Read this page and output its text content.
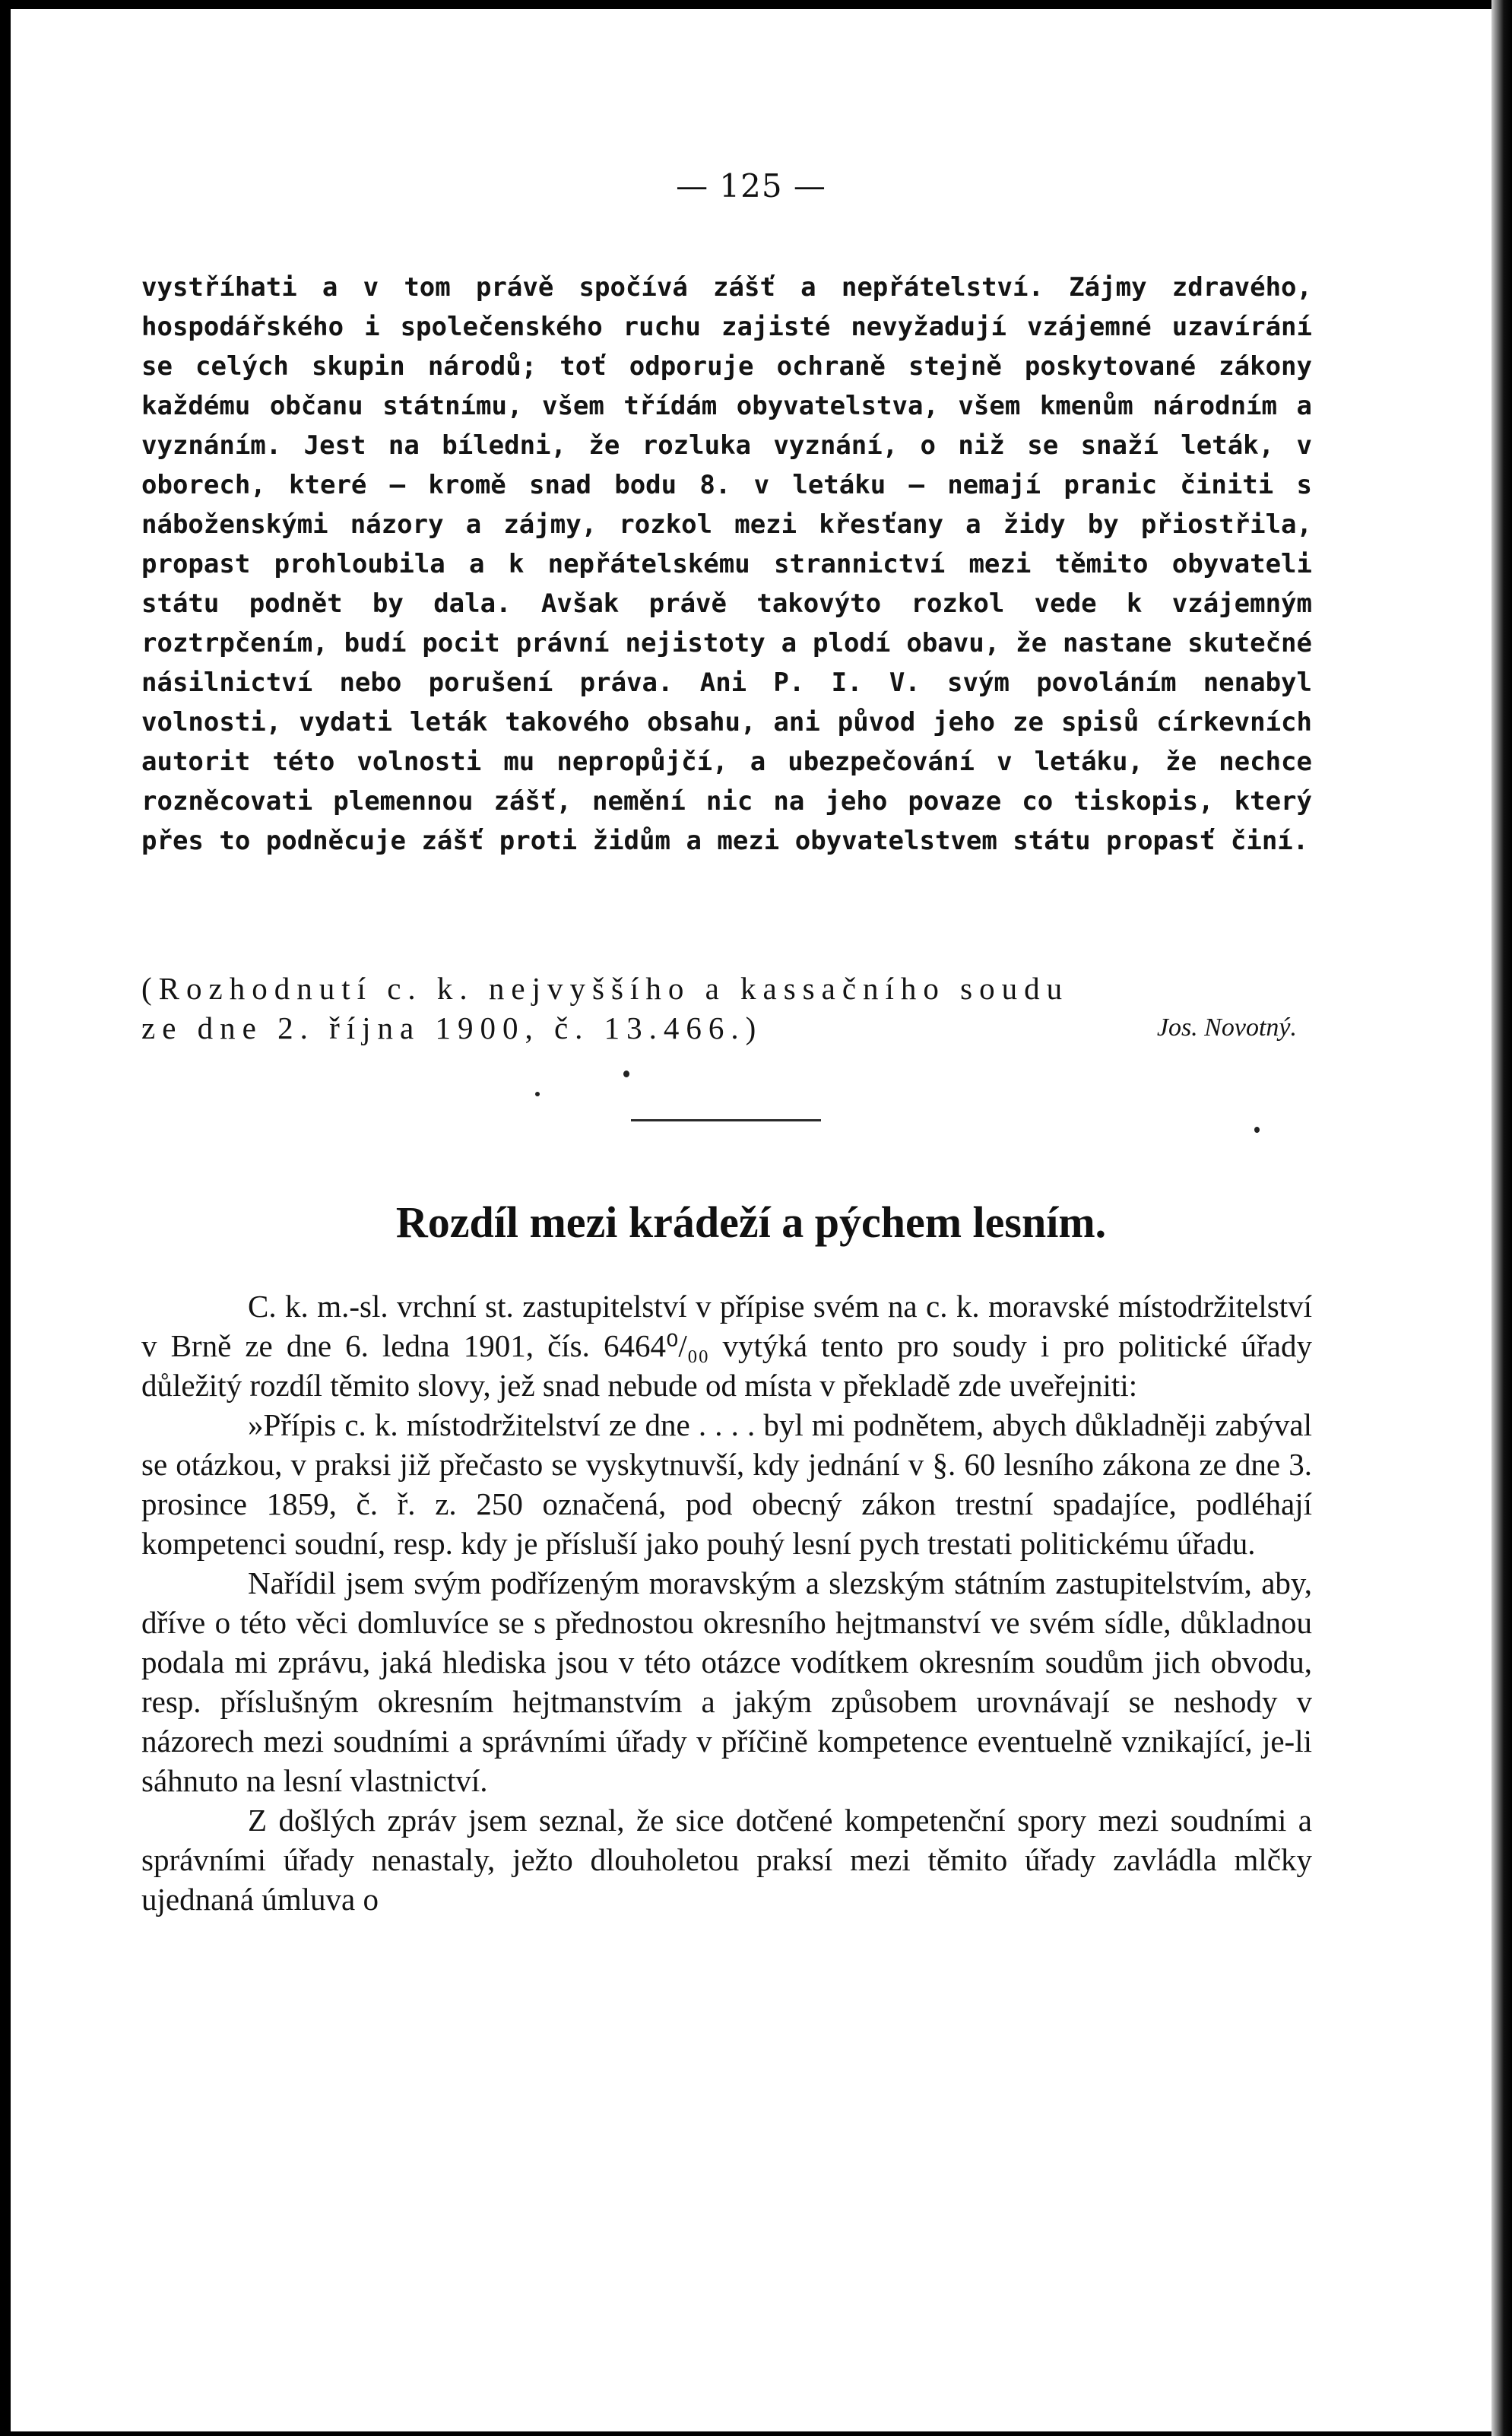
— 125 —

vystříhati a v tom právě spočívá zášť a nepřátelství. Zájmy zdravého, hospodářského i společenského ruchu zajisté nevyžadují vzájemné uzavírání se celých skupin národů; toť odporuje ochraně stejně poskytované zákony každému občanu státnímu, všem třídám obyvatelstva, všem kmenům národním a vyznáním. Jest na bíledni, že rozluka vyznání, o niž se snaží leták, v oborech, které — kromě snad bodu 8. v letáku — nemají pranic činiti s náboženskými názory a zájmy, rozkol mezi křesťany a židy by přiostřila, propast prohloubila a k nepřátelskému strannictví mezi těmito obyvateli státu podnět by dala. Avšak právě takovýto rozkol vede k vzájemným roztrpčením, budí pocit právní nejistoty a plodí obavu, že nastane skutečné násilnictví nebo porušení práva. Ani P. I. V. svým povoláním nenabyl volnosti, vydati leták takového obsahu, ani původ jeho ze spisů církevních autorit této volnosti mu nepropůjčí, a ubezpečování v letáku, že nechce rozněcovati plemennou zášť, nemění nic na jeho povaze co tiskopis, který přes to podněcuje zášť proti židům a mezi obyvatelstvem státu propasť činí.

(Rozhodnutí c. k. nejvyššího a kassačního soudu
ze dne 2. října 1900, č. 13.466.)	Jos. Novotný.
Rozdíl mezi krádeží a pýchem lesním.

C. k. m.-sl. vrchní st. zastupitelství v přípise svém na c. k. moravské místodržitelství v Brně ze dne 6. ledna 1901, čís. 6464⁰/₀₀ vytýká tento pro soudy i pro politické úřady důležitý rozdíl těmito slovy, jež snad nebude od místa v překladě zde uveřejniti:

»Přípis c. k. místodržitelství ze dne . . . . byl mi podnětem, abych důkladněji zabýval se otázkou, v praksi již přečasto se vyskytnuvší, kdy jednání v §. 60 lesního zákona ze dne 3. prosince 1859, č. ř. z. 250 označená, pod obecný zákon trestní spadajíce, podléhají kompetenci soudní, resp. kdy je přísluší jako pouhý lesní pych trestati politickému úřadu.

Nařídil jsem svým podřízeným moravským a slezským státním zastupitelstvím, aby, dříve o této věci domluvíce se s přednostou okresního hejtmanství ve svém sídle, důkladnou podala mi zprávu, jaká hlediska jsou v této otázce vodítkem okresním soudům jich obvodu, resp. příslušným okresním hejtmanstvím a jakým způsobem urovnávají se neshody v názorech mezi soudními a správními úřady v příčině kompetence eventuelně vznikající, je-li sáhnuto na lesní vlastnictví.

Z došlých zpráv jsem seznal, že sice dotčené kompetenční spory mezi soudními a správními úřady nenastaly, ježto dlouholetou praksí mezi těmito úřady zavládla mlčky ujednaná úmluva o
